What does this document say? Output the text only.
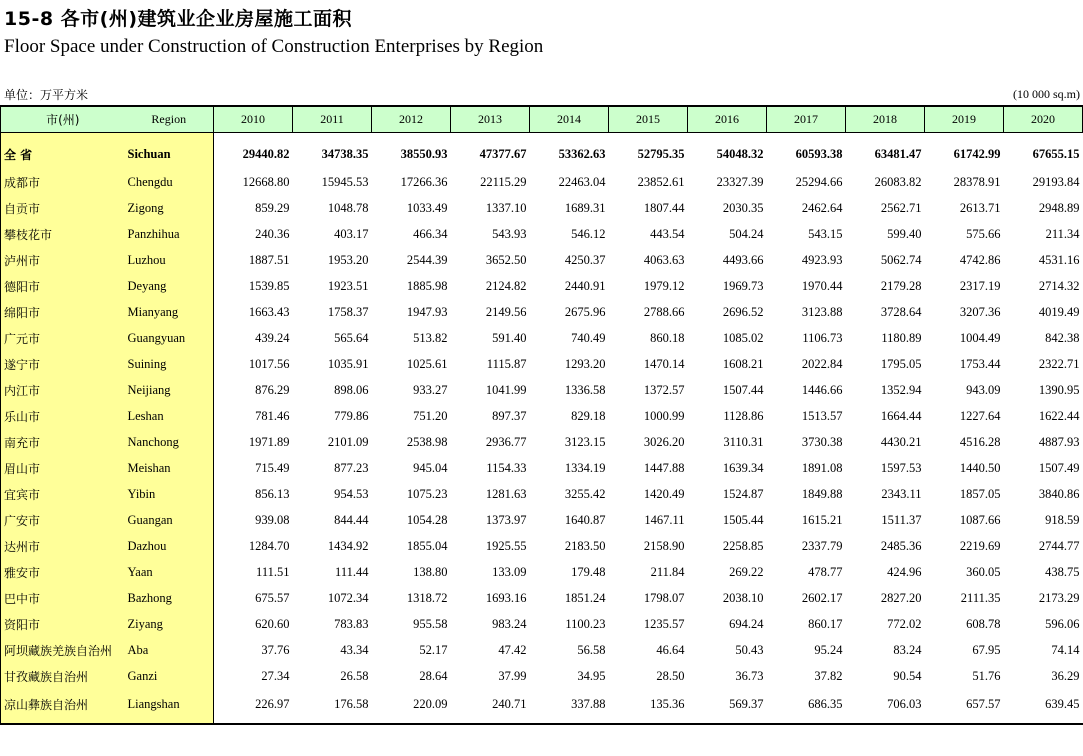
15-8 各市(州)建筑业企业房屋施工面积
Floor Space under Construction of Construction Enterprises by Region
单位：万平方米	(10 000 sq.m)
市(州)	Region	2010	2011	2012	2013	2014	2015	2016	2017	2018	2019	2020
全 省	Sichuan	29440.82	34738.35	38550.93	47377.67	53362.63	52795.35	54048.32	60593.38	63481.47	61742.99	67655.15
成都市	Chengdu	12668.80	15945.53	17266.36	22115.29	22463.04	23852.61	23327.39	25294.66	26083.82	28378.91	29193.84
自贡市	Zigong	859.29	1048.78	1033.49	1337.10	1689.31	1807.44	2030.35	2462.64	2562.71	2613.71	2948.89
攀枝花市	Panzhihua	240.36	403.17	466.34	543.93	546.12	443.54	504.24	543.15	599.40	575.66	211.34
泸州市	Luzhou	1887.51	1953.20	2544.39	3652.50	4250.37	4063.63	4493.66	4923.93	5062.74	4742.86	4531.16
德阳市	Deyang	1539.85	1923.51	1885.98	2124.82	2440.91	1979.12	1969.73	1970.44	2179.28	2317.19	2714.32
绵阳市	Mianyang	1663.43	1758.37	1947.93	2149.56	2675.96	2788.66	2696.52	3123.88	3728.64	3207.36	4019.49
广元市	Guangyuan	439.24	565.64	513.82	591.40	740.49	860.18	1085.02	1106.73	1180.89	1004.49	842.38
遂宁市	Suining	1017.56	1035.91	1025.61	1115.87	1293.20	1470.14	1608.21	2022.84	1795.05	1753.44	2322.71
内江市	Neijiang	876.29	898.06	933.27	1041.99	1336.58	1372.57	1507.44	1446.66	1352.94	943.09	1390.95
乐山市	Leshan	781.46	779.86	751.20	897.37	829.18	1000.99	1128.86	1513.57	1664.44	1227.64	1622.44
南充市	Nanchong	1971.89	2101.09	2538.98	2936.77	3123.15	3026.20	3110.31	3730.38	4430.21	4516.28	4887.93
眉山市	Meishan	715.49	877.23	945.04	1154.33	1334.19	1447.88	1639.34	1891.08	1597.53	1440.50	1507.49
宜宾市	Yibin	856.13	954.53	1075.23	1281.63	3255.42	1420.49	1524.87	1849.88	2343.11	1857.05	3840.86
广安市	Guangan	939.08	844.44	1054.28	1373.97	1640.87	1467.11	1505.44	1615.21	1511.37	1087.66	918.59
达州市	Dazhou	1284.70	1434.92	1855.04	1925.55	2183.50	2158.90	2258.85	2337.79	2485.36	2219.69	2744.77
雅安市	Yaan	111.51	111.44	138.80	133.09	179.48	211.84	269.22	478.77	424.96	360.05	438.75
巴中市	Bazhong	675.57	1072.34	1318.72	1693.16	1851.24	1798.07	2038.10	2602.17	2827.20	2111.35	2173.29
资阳市	Ziyang	620.60	783.83	955.58	983.24	1100.23	1235.57	694.24	860.17	772.02	608.78	596.06
阿坝藏族羌族自治州	Aba	37.76	43.34	52.17	47.42	56.58	46.64	50.43	95.24	83.24	67.95	74.14
甘孜藏族自治州	Ganzi	27.34	26.58	28.64	37.99	34.95	28.50	36.73	37.82	90.54	51.76	36.29
凉山彝族自治州	Liangshan	226.97	176.58	220.09	240.71	337.88	135.36	569.37	686.35	706.03	657.57	639.45
